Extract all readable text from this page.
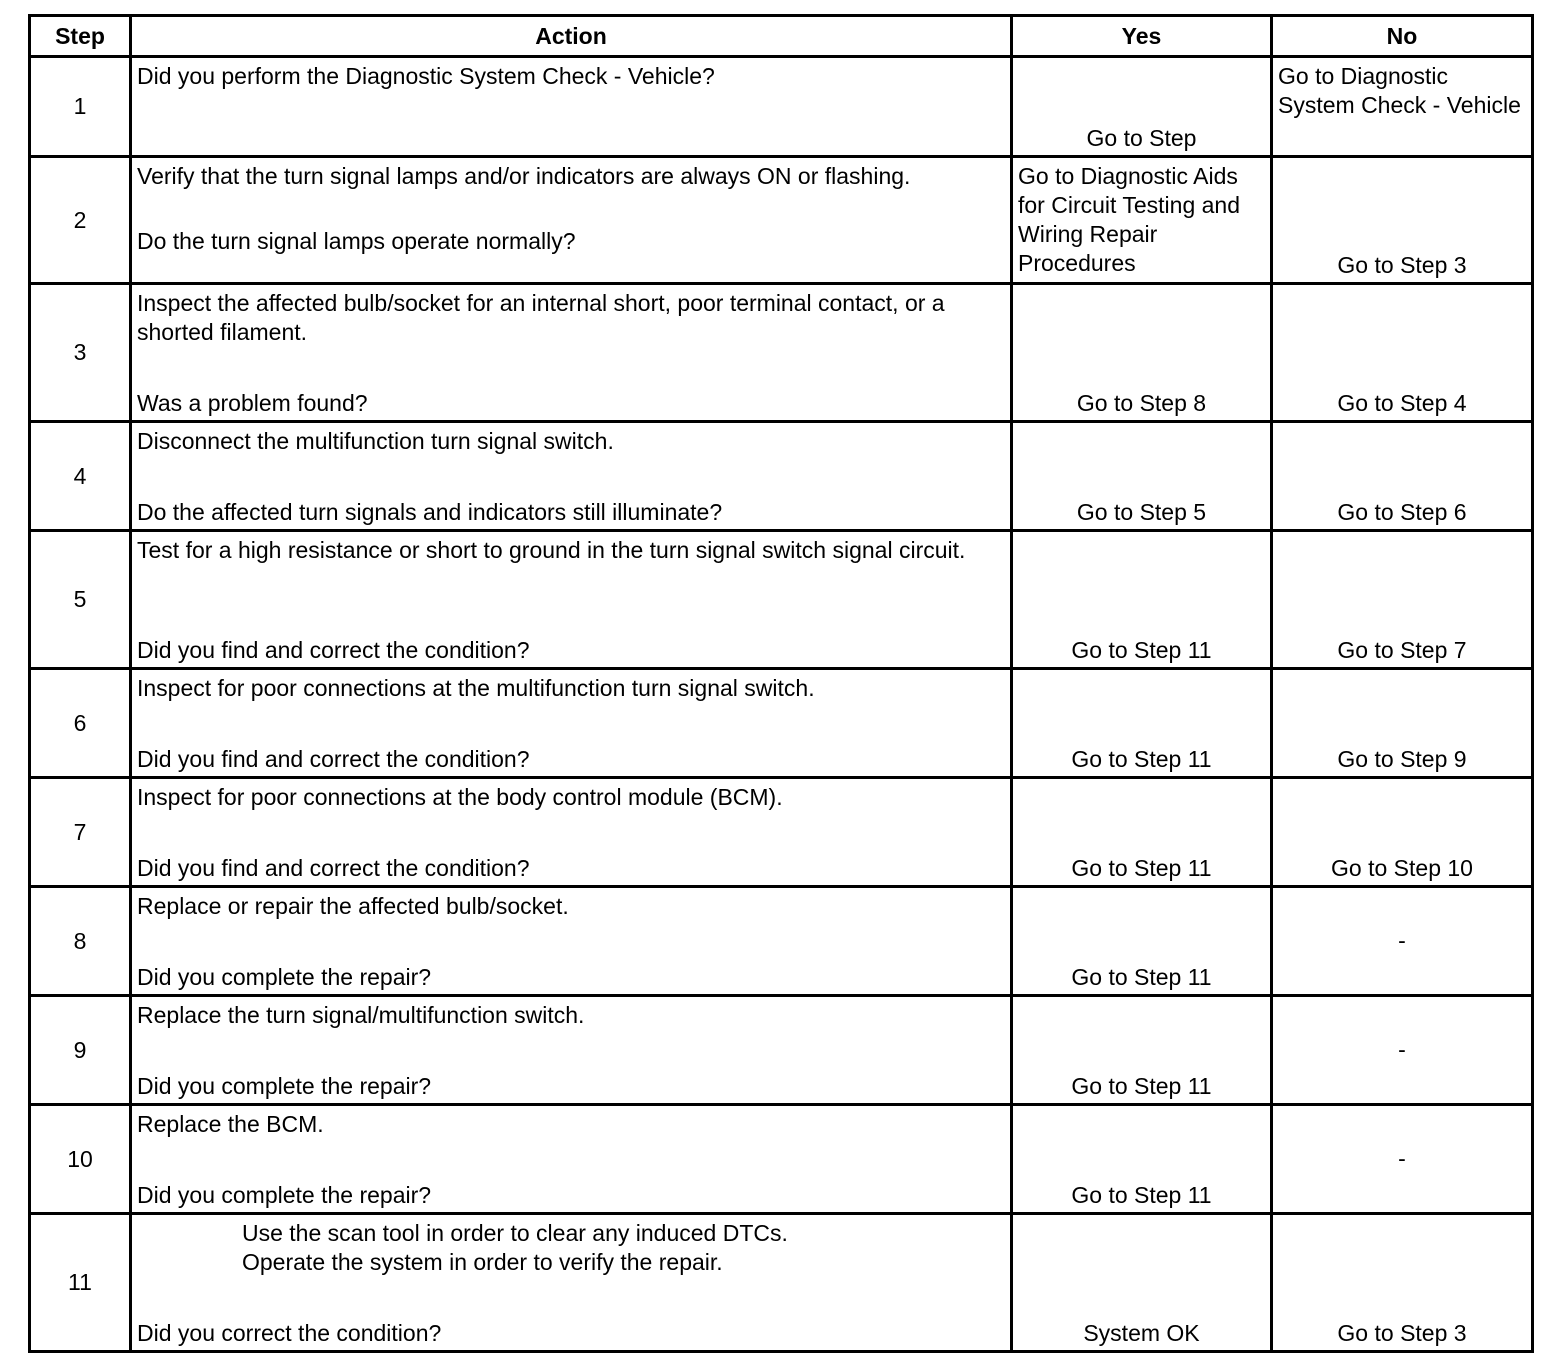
Step	Action	Yes	No
1	Did you perform the Diagnostic System Check - Vehicle?	Go to Step	Go to Diagnostic System Check - Vehicle

2	Verify that the turn signal lamps and/or indicators are always ON or flashing.
Do the turn signal lamps operate normally?	Go to Diagnostic Aids for Circuit Testing and Wiring Repair Procedures	Go to Step 3

3	Inspect the affected bulb/socket for an internal short, poor terminal contact, or a shorted filament.
Was a problem found?	Go to Step 8	Go to Step 4

4	Disconnect the multifunction turn signal switch.
Do the affected turn signals and indicators still illuminate?	Go to Step 5	Go to Step 6

5	Test for a high resistance or short to ground in the turn signal switch signal circuit.
Did you find and correct the condition?	Go to Step 11	Go to Step 7

6	Inspect for poor connections at the multifunction turn signal switch.
Did you find and correct the condition?	Go to Step 11	Go to Step 9

7	Inspect for poor connections at the body control module (BCM).
Did you find and correct the condition?	Go to Step 11	Go to Step 10

8	Replace or repair the affected bulb/socket.
Did you complete the repair?	Go to Step 11	-

9	Replace the turn signal/multifunction switch.
Did you complete the repair?	Go to Step 11	-

10	Replace the BCM.
Did you complete the repair?	Go to Step 11	-

11	Use the scan tool in order to clear any induced DTCs.
Operate the system in order to verify the repair.
Did you correct the condition?	System OK	Go to Step 3
